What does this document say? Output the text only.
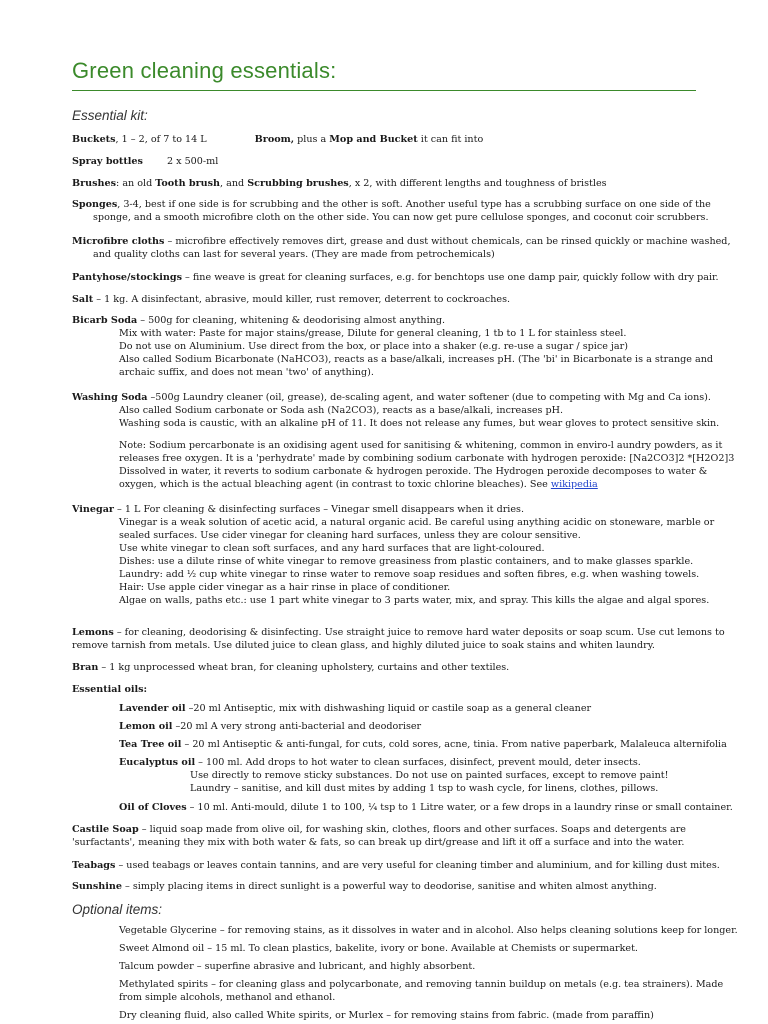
Green cleaning essentials:
Essential kit:
Buckets, 1 – 2, of 7 to 14 L	Broom, plus a Mop and Bucket it can fit into
Spray bottles	2 x 500-ml
Brushes: an old Tooth brush, and Scrubbing brushes, x 2, with different lengths and toughness of bristles
Sponges, 3-4, best if one side is for scrubbing and the other is soft. Another useful type has a scrubbing surface on one side of the
sponge, and a smooth microfibre cloth on the other side. You can now get pure cellulose sponges, and coconut coir scrubbers.
Microfibre cloths – microfibre effectively removes dirt, grease and dust without chemicals, can be rinsed quickly or machine washed,
and quality cloths can last for several years. (They are made from petrochemicals)
Pantyhose/stockings – fine weave is great for cleaning surfaces, e.g. for benchtops use one damp pair, quickly follow with dry pair.
Salt – 1 kg. A disinfectant, abrasive, mould killer, rust remover, deterrent to cockroaches.
Bicarb Soda – 500g for cleaning, whitening & deodorising almost anything.
Mix with water: Paste for major stains/grease, Dilute for general cleaning, 1 tb to 1 L for stainless steel.
Do not use on Aluminium. Use direct from the box, or place into a shaker (e.g. re-use a sugar / spice jar)
Also called Sodium Bicarbonate (NaHCO3), reacts as a base/alkali, increases pH. (The 'bi' in Bicarbonate is a strange and
archaic suffix, and does not mean 'two' of anything).
Washing Soda –500g Laundry cleaner (oil, grease), de-scaling agent, and water softener (due to competing with Mg and Ca ions).
Also called Sodium carbonate or Soda ash (Na2CO3), reacts as a base/alkali, increases pH.
Washing soda is caustic, with an alkaline pH of 11. It does not release any fumes, but wear gloves to protect sensitive skin.
Note: Sodium percarbonate is an oxidising agent used for sanitising & whitening, common in enviro-l aundry powders, as it
releases free oxygen. It is a 'perhydrate' made by combining sodium carbonate with hydrogen peroxide: [Na2CO3]2 *[H2O2]3
Dissolved in water, it reverts to sodium carbonate & hydrogen peroxide. The Hydrogen peroxide decomposes to water &
oxygen, which is the actual bleaching agent (in contrast to toxic chlorine bleaches). See wikipedia
Vinegar – 1 L For cleaning & disinfecting surfaces – Vinegar smell disappears when it dries.
Vinegar is a weak solution of acetic acid, a natural organic acid. Be careful using anything acidic on stoneware, marble or
sealed surfaces. Use cider vinegar for cleaning hard surfaces, unless they are colour sensitive.
Use white vinegar to clean soft surfaces, and any hard surfaces that are light-coloured.
Dishes: use a dilute rinse of white vinegar to remove greasiness from plastic containers, and to make glasses sparkle.
Laundry: add ½ cup white vinegar to rinse water to remove soap residues and soften fibres, e.g. when washing towels.
Hair: Use apple cider vinegar as a hair rinse in place of conditioner.
Algae on walls, paths etc.: use 1 part white vinegar to 3 parts water, mix, and spray. This kills the algae and algal spores.
Lemons – for cleaning, deodorising & disinfecting. Use straight juice to remove hard water deposits or soap scum. Use cut lemons to
remove tarnish from metals. Use diluted juice to clean glass, and highly diluted juice to soak stains and whiten laundry.
Bran – 1 kg unprocessed wheat bran, for cleaning upholstery, curtains and other textiles.
Essential oils:
Lavender oil –20 ml Antiseptic, mix with dishwashing liquid or castile soap as a general cleaner
Lemon oil –20 ml A very strong anti-bacterial and deodoriser
Tea Tree oil – 20 ml Antiseptic & anti-fungal, for cuts, cold sores, acne, tinia. From native paperbark, Malaleuca alternifolia
Eucalyptus oil – 100 ml. Add drops to hot water to clean surfaces, disinfect, prevent mould, deter insects.
Use directly to remove sticky substances. Do not use on painted surfaces, except to remove paint!
Laundry – sanitise, and kill dust mites by adding 1 tsp to wash cycle, for linens, clothes, pillows.
Oil of Cloves – 10 ml. Anti-mould, dilute 1 to 100, ¼ tsp to 1 Litre water, or a few drops in a laundry rinse or small container.
Castile Soap – liquid soap made from olive oil, for washing skin, clothes, floors and other surfaces. Soaps and detergents are
'surfactants', meaning they mix with both water & fats, so can break up dirt/grease and lift it off a surface and into the water.
Teabags – used teabags or leaves contain tannins, and are very useful for cleaning timber and aluminium, and for killing dust mites.
Sunshine – simply placing items in direct sunlight is a powerful way to deodorise, sanitise and whiten almost anything.
Optional items:
Vegetable Glycerine – for removing stains, as it dissolves in water and in alcohol. Also helps cleaning solutions keep for longer.
Sweet Almond oil – 15 ml. To clean plastics, bakelite, ivory or bone. Available at Chemists or supermarket.
Talcum powder – superfine abrasive and lubricant, and highly absorbent.
Methylated spirits – for cleaning glass and polycarbonate, and removing tannin buildup on metals (e.g. tea strainers). Made
from simple alcohols, methanol and ethanol.
Dry cleaning fluid, also called White spirits, or Murlex – for removing stains from fabric. (made from paraffin)
